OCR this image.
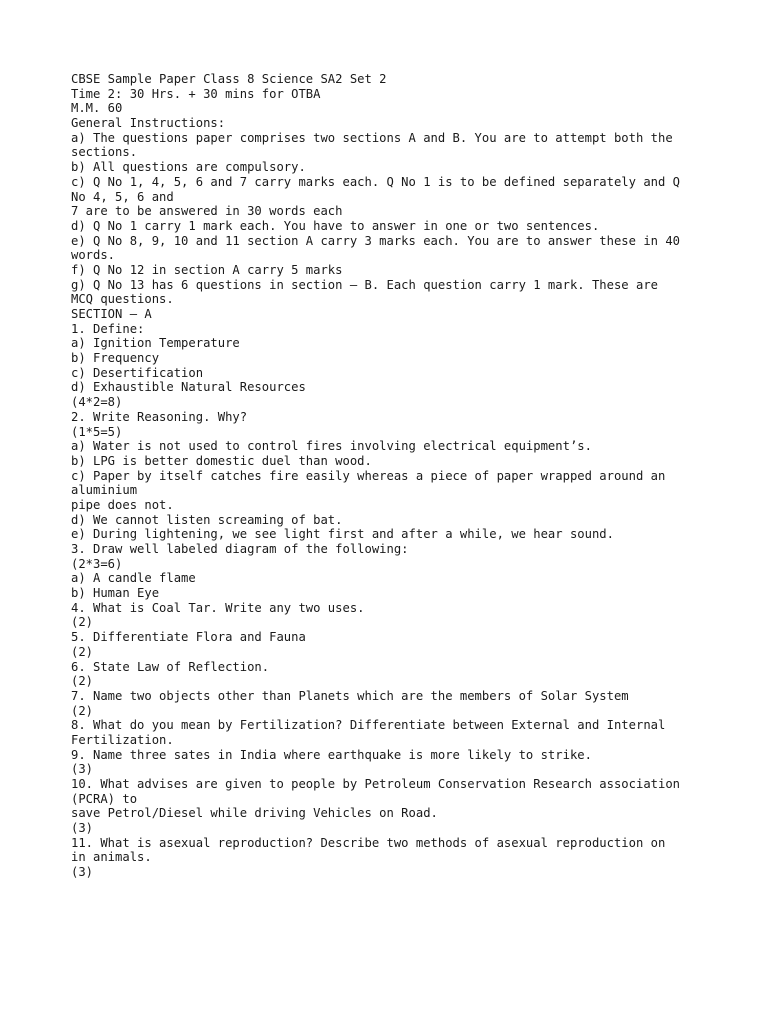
CBSE Sample Paper Class 8 Science SA2 Set 2
Time 2: 30 Hrs. + 30 mins for OTBA
M.M. 60
General Instructions:
a) The questions paper comprises two sections A and B. You are to attempt both the
sections.
b) All questions are compulsory.
c) Q No 1, 4, 5, 6 and 7 carry marks each. Q No 1 is to be defined separately and Q
No 4, 5, 6 and
7 are to be answered in 30 words each
d) Q No 1 carry 1 mark each. You have to answer in one or two sentences.
e) Q No 8, 9, 10 and 11 section A carry 3 marks each. You are to answer these in 40
words.
f) Q No 12 in section A carry 5 marks
g) Q No 13 has 6 questions in section – B. Each question carry 1 mark. These are
MCQ questions.
SECTION – A
1. Define:
a) Ignition Temperature
b) Frequency
c) Desertification
d) Exhaustible Natural Resources
(4*2=8)
2. Write Reasoning. Why?
(1*5=5)
a) Water is not used to control fires involving electrical equipment’s.
b) LPG is better domestic duel than wood.
c) Paper by itself catches fire easily whereas a piece of paper wrapped around an
aluminium
pipe does not.
d) We cannot listen screaming of bat.
e) During lightening, we see light first and after a while, we hear sound.
3. Draw well labeled diagram of the following:
(2*3=6)
a) A candle flame
b) Human Eye
4. What is Coal Tar. Write any two uses.
(2)
5. Differentiate Flora and Fauna
(2)
6. State Law of Reflection.
(2)
7. Name two objects other than Planets which are the members of Solar System
(2)
8. What do you mean by Fertilization? Differentiate between External and Internal
Fertilization.
9. Name three sates in India where earthquake is more likely to strike.
(3)
10. What advises are given to people by Petroleum Conservation Research association
(PCRA) to
save Petrol/Diesel while driving Vehicles on Road.
(3)
11. What is asexual reproduction? Describe two methods of asexual reproduction on
in animals.
(3)
